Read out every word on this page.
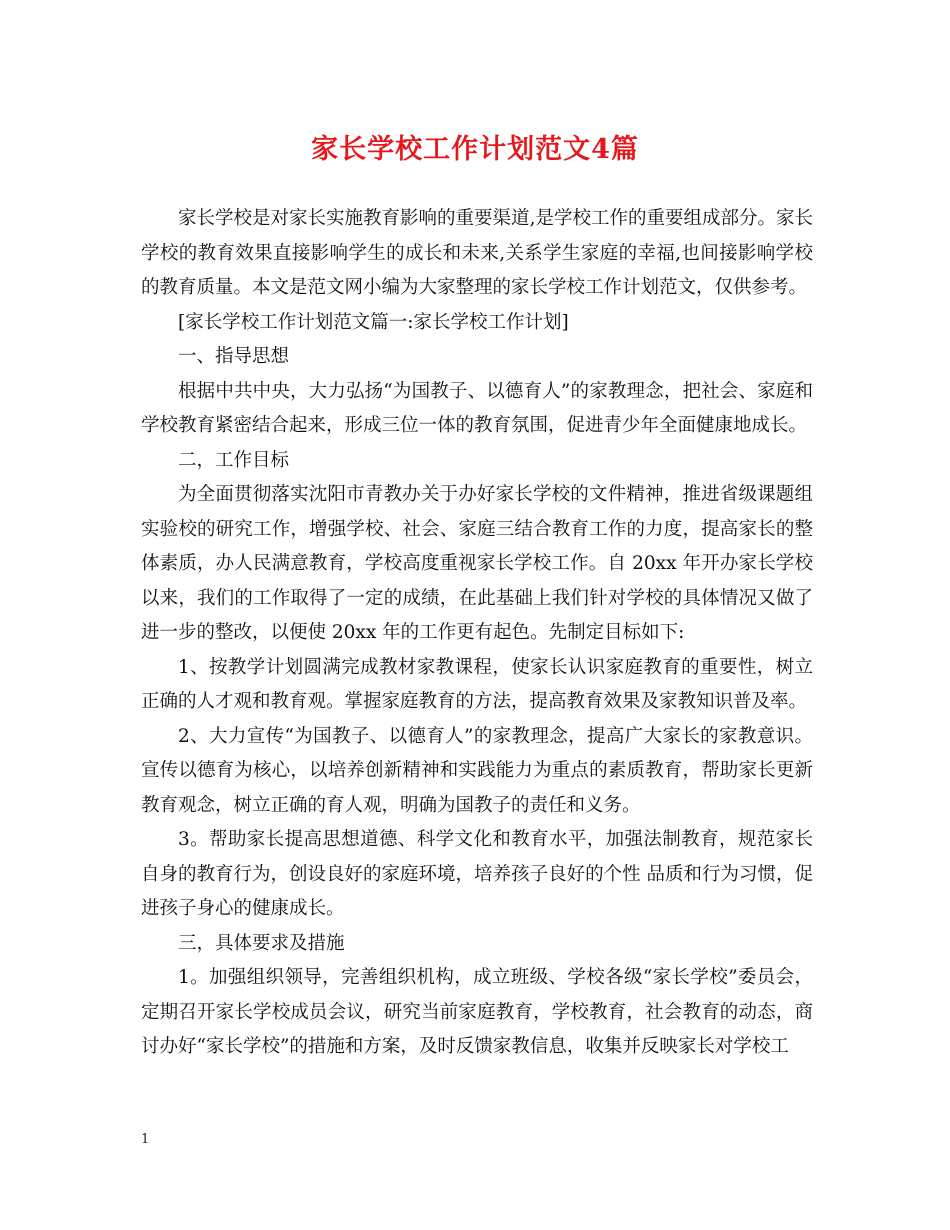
家长学校工作计划范文4篇

家长学校是对家长实施教育影响的重要渠道,是学校工作的重要组成部分。家长学校的教育效果直接影响学生的成长和未来,关系学生家庭的幸福,也间接影响学校的教育质量。本文是范文网小编为大家整理的家长学校工作计划范文，仅供参考。

[家长学校工作计划范文篇一:家长学校工作计划]

一、指导思想

根据中共中央，大力弘扬“为国教子、以德育人”的家教理念，把社会、家庭和学校教育紧密结合起来，形成三位一体的教育氛围，促进青少年全面健康地成长。

二，工作目标

为全面贯彻落实沈阳市青教办关于办好家长学校的文件精神，推进省级课题组实验校的研究工作，增强学校、社会、家庭三结合教育工作的力度，提高家长的整体素质，办人民满意教育，学校高度重视家长学校工作。自 20xx 年开办家长学校以来，我们的工作取得了一定的成绩，在此基础上我们针对学校的具体情况又做了进一步的整改，以便使 20xx 年的工作更有起色。先制定目标如下:

1、按教学计划圆满完成教材家教课程，使家长认识家庭教育的重要性，树立正确的人才观和教育观。掌握家庭教育的方法，提高教育效果及家教知识普及率。

2、大力宣传“为国教子、以德育人”的家教理念，提高广大家长的家教意识。宣传以德育为核心，以培养创新精神和实践能力为重点的素质教育，帮助家长更新教育观念，树立正确的育人观，明确为国教子的责任和义务。

3。帮助家长提高思想道德、科学文化和教育水平，加强法制教育，规范家长自身的教育行为，创设良好的家庭环境，培养孩子良好的个性 品质和行为习惯，促进孩子身心的健康成长。

三，具体要求及措施

1。加强组织领导，完善组织机构，成立班级、学校各级“家长学校”委员会，定期召开家长学校成员会议，研究当前家庭教育，学校教育，社会教育的动态，商讨办好“家长学校”的措施和方案，及时反馈家教信息，收集并反映家长对学校工

1
